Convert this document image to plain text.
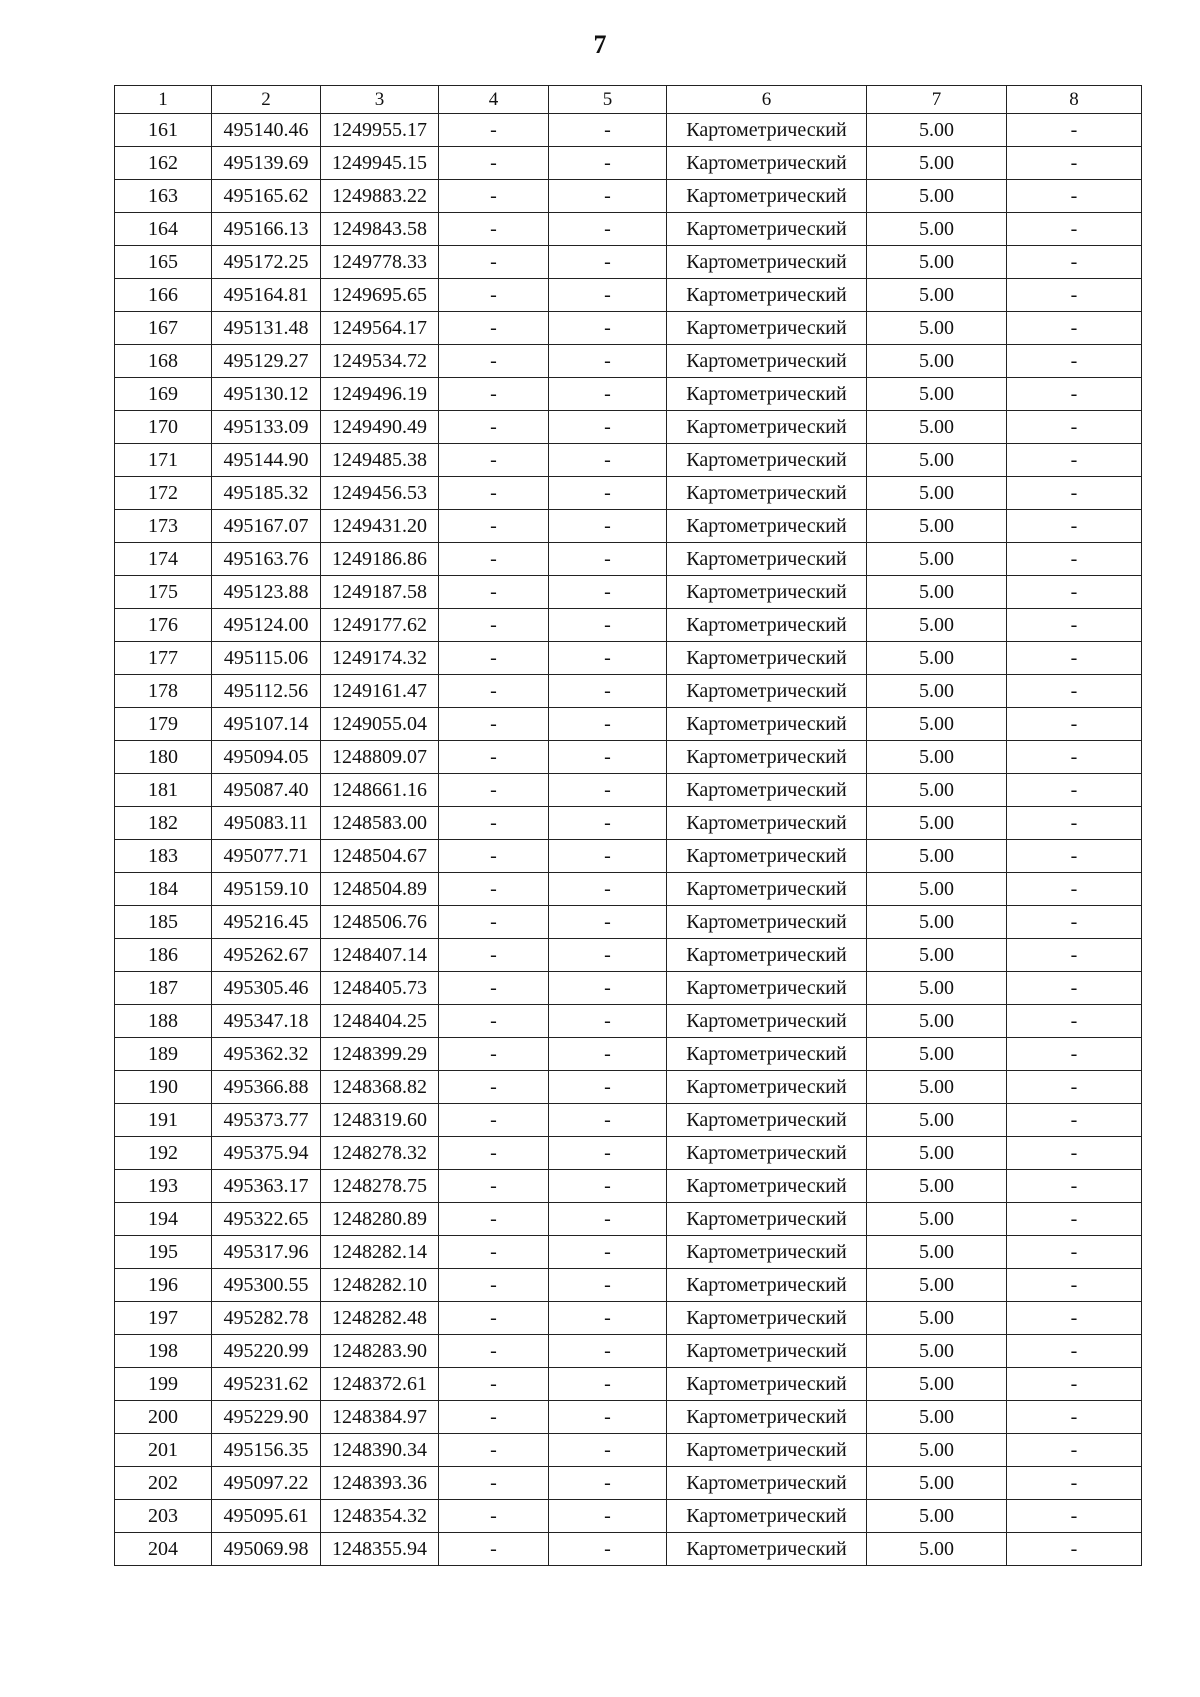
7
1	2	3	4	5	6	7	8
161	495140.46	1249955.17	-	-	Картометрический	5.00	-
162	495139.69	1249945.15	-	-	Картометрический	5.00	-
163	495165.62	1249883.22	-	-	Картометрический	5.00	-
164	495166.13	1249843.58	-	-	Картометрический	5.00	-
165	495172.25	1249778.33	-	-	Картометрический	5.00	-
166	495164.81	1249695.65	-	-	Картометрический	5.00	-
167	495131.48	1249564.17	-	-	Картометрический	5.00	-
168	495129.27	1249534.72	-	-	Картометрический	5.00	-
169	495130.12	1249496.19	-	-	Картометрический	5.00	-
170	495133.09	1249490.49	-	-	Картометрический	5.00	-
171	495144.90	1249485.38	-	-	Картометрический	5.00	-
172	495185.32	1249456.53	-	-	Картометрический	5.00	-
173	495167.07	1249431.20	-	-	Картометрический	5.00	-
174	495163.76	1249186.86	-	-	Картометрический	5.00	-
175	495123.88	1249187.58	-	-	Картометрический	5.00	-
176	495124.00	1249177.62	-	-	Картометрический	5.00	-
177	495115.06	1249174.32	-	-	Картометрический	5.00	-
178	495112.56	1249161.47	-	-	Картометрический	5.00	-
179	495107.14	1249055.04	-	-	Картометрический	5.00	-
180	495094.05	1248809.07	-	-	Картометрический	5.00	-
181	495087.40	1248661.16	-	-	Картометрический	5.00	-
182	495083.11	1248583.00	-	-	Картометрический	5.00	-
183	495077.71	1248504.67	-	-	Картометрический	5.00	-
184	495159.10	1248504.89	-	-	Картометрический	5.00	-
185	495216.45	1248506.76	-	-	Картометрический	5.00	-
186	495262.67	1248407.14	-	-	Картометрический	5.00	-
187	495305.46	1248405.73	-	-	Картометрический	5.00	-
188	495347.18	1248404.25	-	-	Картометрический	5.00	-
189	495362.32	1248399.29	-	-	Картометрический	5.00	-
190	495366.88	1248368.82	-	-	Картометрический	5.00	-
191	495373.77	1248319.60	-	-	Картометрический	5.00	-
192	495375.94	1248278.32	-	-	Картометрический	5.00	-
193	495363.17	1248278.75	-	-	Картометрический	5.00	-
194	495322.65	1248280.89	-	-	Картометрический	5.00	-
195	495317.96	1248282.14	-	-	Картометрический	5.00	-
196	495300.55	1248282.10	-	-	Картометрический	5.00	-
197	495282.78	1248282.48	-	-	Картометрический	5.00	-
198	495220.99	1248283.90	-	-	Картометрический	5.00	-
199	495231.62	1248372.61	-	-	Картометрический	5.00	-
200	495229.90	1248384.97	-	-	Картометрический	5.00	-
201	495156.35	1248390.34	-	-	Картометрический	5.00	-
202	495097.22	1248393.36	-	-	Картометрический	5.00	-
203	495095.61	1248354.32	-	-	Картометрический	5.00	-
204	495069.98	1248355.94	-	-	Картометрический	5.00	-
